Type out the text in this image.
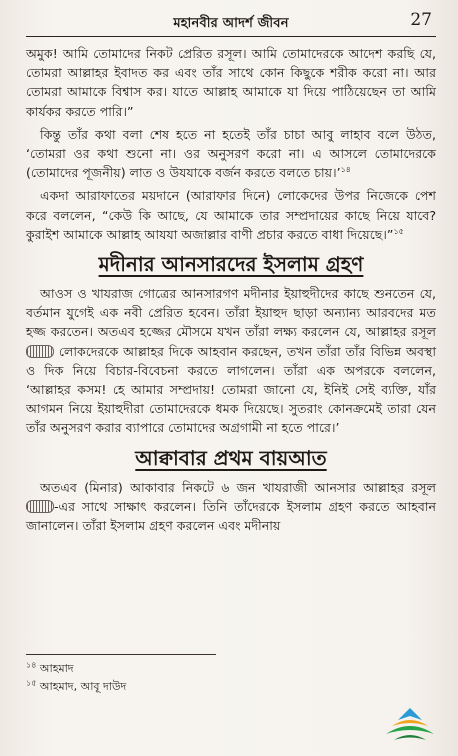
মহানবীর আদর্শ জীবন	27

অমুক! আমি তোমাদের নিকট প্রেরিত রসূল। আমি তোমাদেরকে আদেশ করছি যে, তোমরা আল্লাহর ইবাদত কর এবং তাঁর সাথে কোন কিছুকে শরীক করো না। আর তোমরা আমাকে বিশ্বাস কর। যাতে আল্লাহ আমাকে যা দিয়ে পাঠিয়েছেন তা আমি কার্যকর করতে পারি।”

কিন্তু তাঁর কথা বলা শেষ হতে না হতেই তাঁর চাচা আবু লাহাব বলে উঠত, ‘তোমরা ওর কথা শুনো না। ওর অনুসরণ করো না। এ আসলে তোমাদেরকে (তোমাদের পূজনীয়) লাত ও উযযাকে বর্জন করতে বলতে চায়।’$^{১৪}$

একদা আরাফাতের ময়দানে (আরাফার দিনে) লোকেদের উপর নিজেকে পেশ করে বললেন, “কেউ কি আছে, যে আমাকে তার সম্প্রদায়ের কাছে নিয়ে যাবে? কুরাইশ আমাকে আল্লাহ আযযা অজাল্লার বাণী প্রচার করতে বাধা দিয়েছে।”$^{১৫}$

মদীনার আনসারদের ইসলাম গ্রহণ

আওস ও খাযরাজ গোত্রের আনসারগণ মদীনার ইয়াহুদীদের কাছে শুনতেন যে, বর্তমান যুগেই এক নবী প্রেরিত হবেন। তাঁরা ইয়াহুদ ছাড়া অন্যান্য আরবদের মত হজ্জ করতেন। অতএব হজ্জের মৌসমে যখন তাঁরা লক্ষ্য করলেন যে, আল্লাহর রসূল  লোকদেরকে আল্লাহর দিকে আহবান করছেন, তখন তাঁরা তাঁর বিভিন্ন অবস্থা ও দিক নিয়ে বিচার-বিবেচনা করতে লাগলেন। তাঁরা এক অপরকে বললেন, ‘আল্লাহর কসম! হে আমার সম্প্রদায়! তোমরা জানো যে, ইনিই সেই ব্যক্তি, যাঁর আগমন নিয়ে ইয়াহুদীরা তোমাদেরকে ধমক দিয়েছে। সুতরাং কোনক্রমেই তারা যেন তাঁর অনুসরণ করার ব্যাপারে তোমাদের অগ্রগামী না হতে পারে।’

আক্বাবার প্রথম বায়আত

অতএব (মিনার) আকাবার নিকটে ৬ জন খাযরাজী আনসার আল্লাহর রসূল -এর সাথে সাক্ষাৎ করলেন। তিনি তাঁদেরকে ইসলাম গ্রহণ করতে আহবান জানালেন। তাঁরা ইসলাম গ্রহণ করলেন এবং মদীনায়

$^{১৪}$ আহমাদ
$^{১৫}$ আহমাদ, আবূ দাউদ
